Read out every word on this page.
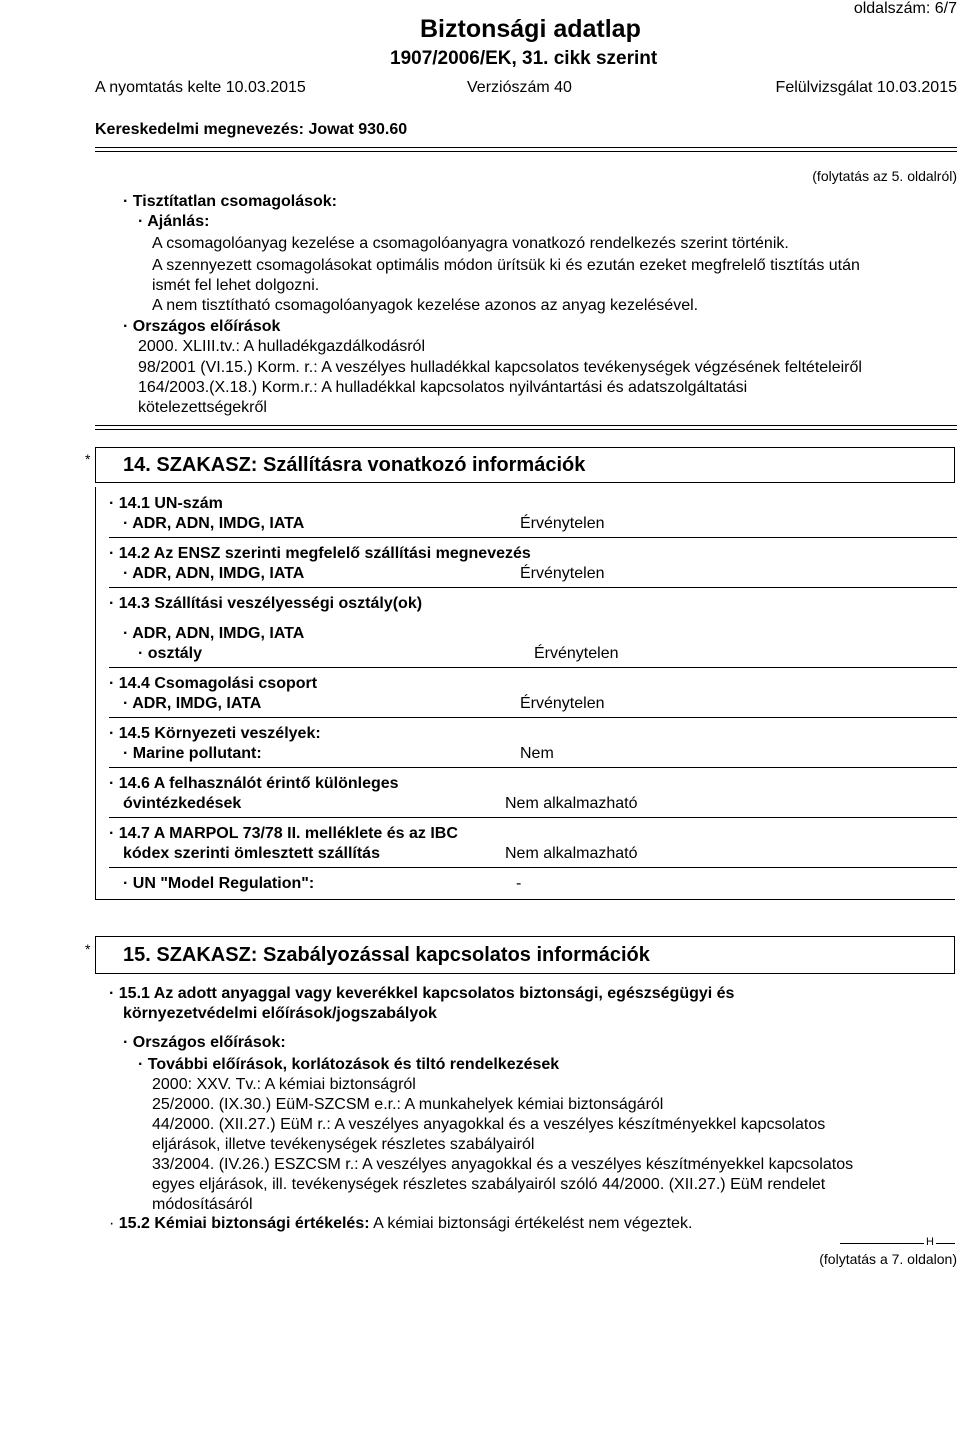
oldalszám: 6/7
Biztonsági adatlap
1907/2006/EK, 31. cikk szerint
A nyomtatás kelte 10.03.2015	Verziószám 40	Felülvizsgálat 10.03.2015
Kereskedelmi megnevezés: Jowat 930.60
(folytatás az 5. oldalról)
· Tisztítatlan csomagolások:
· Ajánlás:
A csomagolóanyag kezelése a csomagolóanyagra vonatkozó rendelkezés szerint történik.
A szennyezett csomagolásokat optimális módon ürítsük ki és ezután ezeket megfrelelő tisztítás után
ismét fel lehet dolgozni.
A nem tisztítható csomagolóanyagok kezelése azonos az anyag kezelésével.
· Országos előírások
2000. XLIII.tv.: A hulladékgazdálkodásról
98/2001 (VI.15.) Korm. r.: A veszélyes hulladékkal kapcsolatos tevékenységek végzésének feltételeiről
164/2003.(X.18.) Korm.r.: A hulladékkal kapcsolatos nyilvántartási és adatszolgáltatási
kötelezettségekről
* 14. SZAKASZ: Szállításra vonatkozó információk
· 14.1 UN-szám
· ADR, ADN, IMDG, IATA	Érvénytelen
· 14.2 Az ENSZ szerinti megfelelő szállítási megnevezés
· ADR, ADN, IMDG, IATA	Érvénytelen
· 14.3 Szállítási veszélyességi osztály(ok)
· ADR, ADN, IMDG, IATA
· osztály	Érvénytelen
· 14.4 Csomagolási csoport
· ADR, IMDG, IATA	Érvénytelen
· 14.5 Környezeti veszélyek:
· Marine pollutant:	Nem
· 14.6 A felhasználót érintő különleges
óvintézkedések	Nem alkalmazható
· 14.7 A MARPOL 73/78 II. melléklete és az IBC
kódex szerinti ömlesztett szállítás	Nem alkalmazható
· UN "Model Regulation":	-
* 15. SZAKASZ: Szabályozással kapcsolatos információk
· 15.1 Az adott anyaggal vagy keverékkel kapcsolatos biztonsági, egészségügyi és
környezetvédelmi előírások/jogszabályok
· Országos előírások:
· További előírások, korlátozások és tiltó rendelkezések
2000: XXV. Tv.: A kémiai biztonságról
25/2000. (IX.30.) EüM-SZCSM e.r.: A munkahelyek kémiai biztonságáról
44/2000. (XII.27.) EüM r.: A veszélyes anyagokkal és a veszélyes készítményekkel kapcsolatos
eljárások, illetve tevékenységek részletes szabályairól
33/2004. (IV.26.) ESZCSM r.: A veszélyes anyagokkal és a veszélyes készítményekkel kapcsolatos
egyes eljárások, ill. tevékenységek részletes szabályairól szóló 44/2000. (XII.27.) EüM rendelet
módosításáról
· 15.2 Kémiai biztonsági értékelés: A kémiai biztonsági értékelést nem végeztek.
H
(folytatás a 7. oldalon)
